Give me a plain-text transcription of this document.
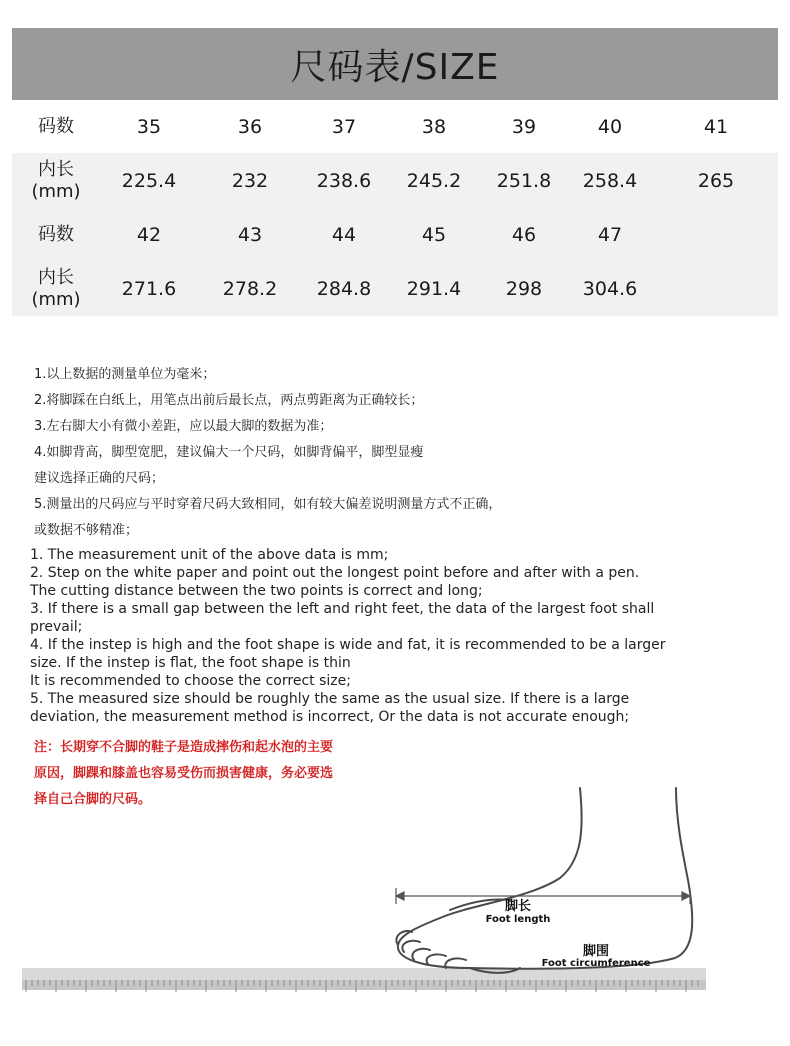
尺码表/SIZE
码数	35	36	37	38	39	40	41	
内长
(mm)	225.4	232	238.6	245.2	251.8	258.4	265	
码数	42	43	44	45	46	47		
内长
(mm)	271.6	278.2	284.8	291.4	298	304.6		
1.以上数据的测量单位为毫米；
2.将脚踩在白纸上，用笔点出前后最长点，两点剪距离为正确较长；
3.左右脚大小有微小差距，应以最大脚的数据为准；
4.如脚背高，脚型宽肥，建议偏大一个尺码，如脚背偏平，脚型显瘦
建议选择正确的尺码；
5.测量出的尺码应与平时穿着尺码大致相同，如有较大偏差说明测量方式不正确，
或数据不够精准；
1. The measurement unit of the above data is mm;
2. Step on the white paper and point out the longest point before and after with a pen.
The cutting distance between the two points is correct and long;
3. If there is a small gap between the left and right feet, the data of the largest foot shall
prevail;
4. If the instep is high and the foot shape is wide and fat, it is recommended to be a larger
size. If the instep is flat, the foot shape is thin
It is recommended to choose the correct size;
5. The measured size should be roughly the same as the usual size. If there is a large
deviation, the measurement method is incorrect, Or the data is not accurate enough;
注：长期穿不合脚的鞋子是造成摔伤和起水泡的主要
原因，脚踝和膝盖也容易受伤而损害健康，务必要选
择自己合脚的尺码。
脚长
Foot length
脚围
Foot circumference
